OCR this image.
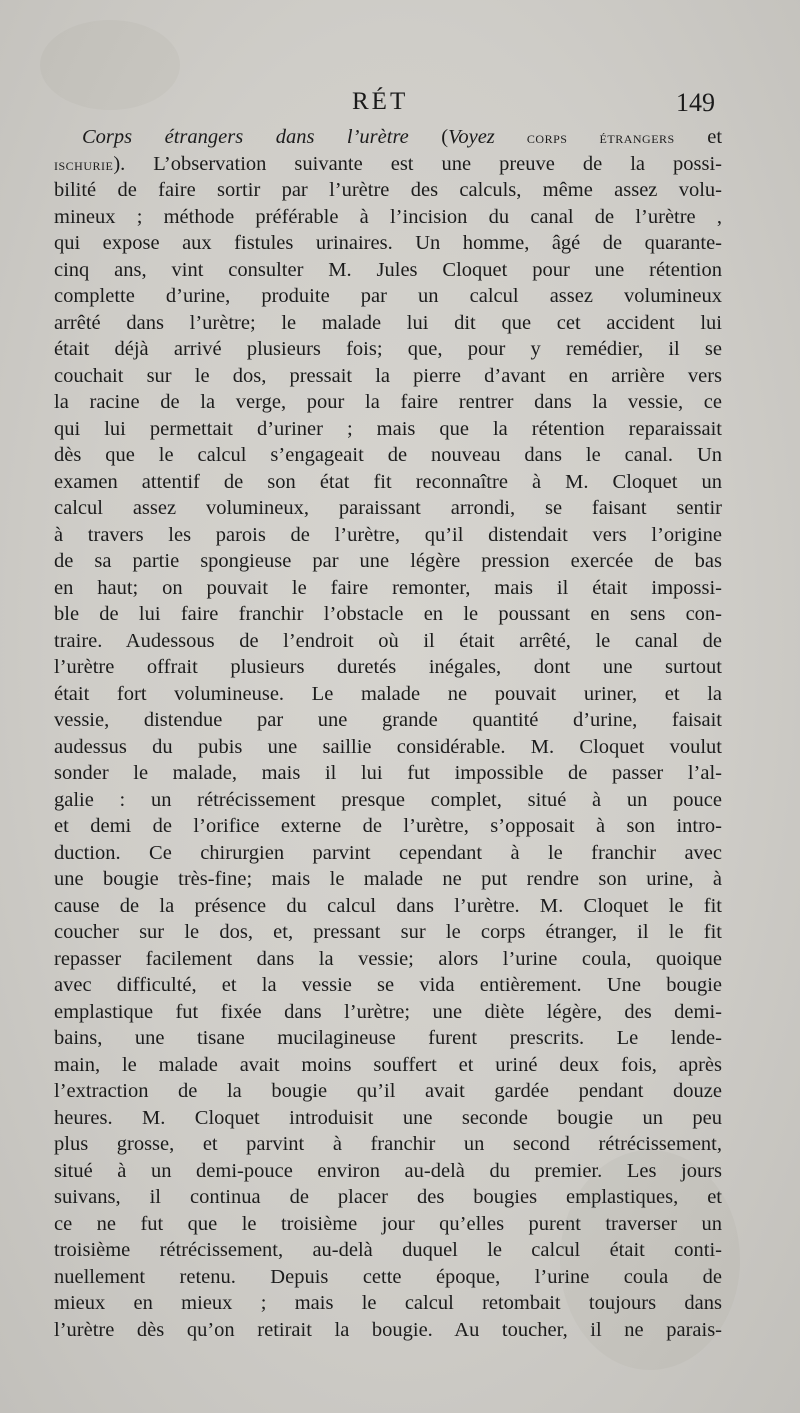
RÉT	149
Corps étrangers dans l’urètre (Voyez corps étrangers et
ischurie). L’observation suivante est une preuve de la possi-
bilité de faire sortir par l’urètre des calculs, même assez volu-
mineux ; méthode préférable à l’incision du canal de l’urètre ,
qui expose aux fistules urinaires. Un homme, âgé de quarante-
cinq ans, vint consulter M. Jules Cloquet pour une rétention
complette d’urine, produite par un calcul assez volumineux
arrêté dans l’urètre; le malade lui dit que cet accident lui
était déjà arrivé plusieurs fois; que, pour y remédier, il se
couchait sur le dos, pressait la pierre d’avant en arrière vers
la racine de la verge, pour la faire rentrer dans la vessie, ce
qui lui permettait d’uriner ; mais que la rétention reparaissait
dès que le calcul s’engageait de nouveau dans le canal. Un
examen attentif de son état fit reconnaître à M. Cloquet un
calcul assez volumineux, paraissant arrondi, se faisant sentir
à travers les parois de l’urètre, qu’il distendait vers l’origine
de sa partie spongieuse par une légère pression exercée de bas
en haut; on pouvait le faire remonter, mais il était impossi-
ble de lui faire franchir l’obstacle en le poussant en sens con-
traire. Audessous de l’endroit où il était arrêté, le canal de
l’urètre offrait plusieurs duretés inégales, dont une surtout
était fort volumineuse. Le malade ne pouvait uriner, et la
vessie, distendue par une grande quantité d’urine, faisait
audessus du pubis une saillie considérable. M. Cloquet voulut
sonder le malade, mais il lui fut impossible de passer l’al-
galie : un rétrécissement presque complet, situé à un pouce
et demi de l’orifice externe de l’urètre, s’opposait à son intro-
duction. Ce chirurgien parvint cependant à le franchir avec
une bougie très-fine; mais le malade ne put rendre son urine, à
cause de la présence du calcul dans l’urètre. M. Cloquet le fit
coucher sur le dos, et, pressant sur le corps étranger, il le fit
repasser facilement dans la vessie; alors l’urine coula, quoique
avec difficulté, et la vessie se vida entièrement. Une bougie
emplastique fut fixée dans l’urètre; une diète légère, des demi-
bains, une tisane mucilagineuse furent prescrits. Le lende-
main, le malade avait moins souffert et uriné deux fois, après
l’extraction de la bougie qu’il avait gardée pendant douze
heures. M. Cloquet introduisit une seconde bougie un peu
plus grosse, et parvint à franchir un second rétrécissement,
situé à un demi-pouce environ au-delà du premier. Les jours
suivans, il continua de placer des bougies emplastiques, et
ce ne fut que le troisième jour qu’elles purent traverser un
troisième rétrécissement, au-delà duquel le calcul était conti-
nuellement retenu. Depuis cette époque, l’urine coula de
mieux en mieux ; mais le calcul retombait toujours dans
l’urètre dès qu’on retirait la bougie. Au toucher, il ne parais-
